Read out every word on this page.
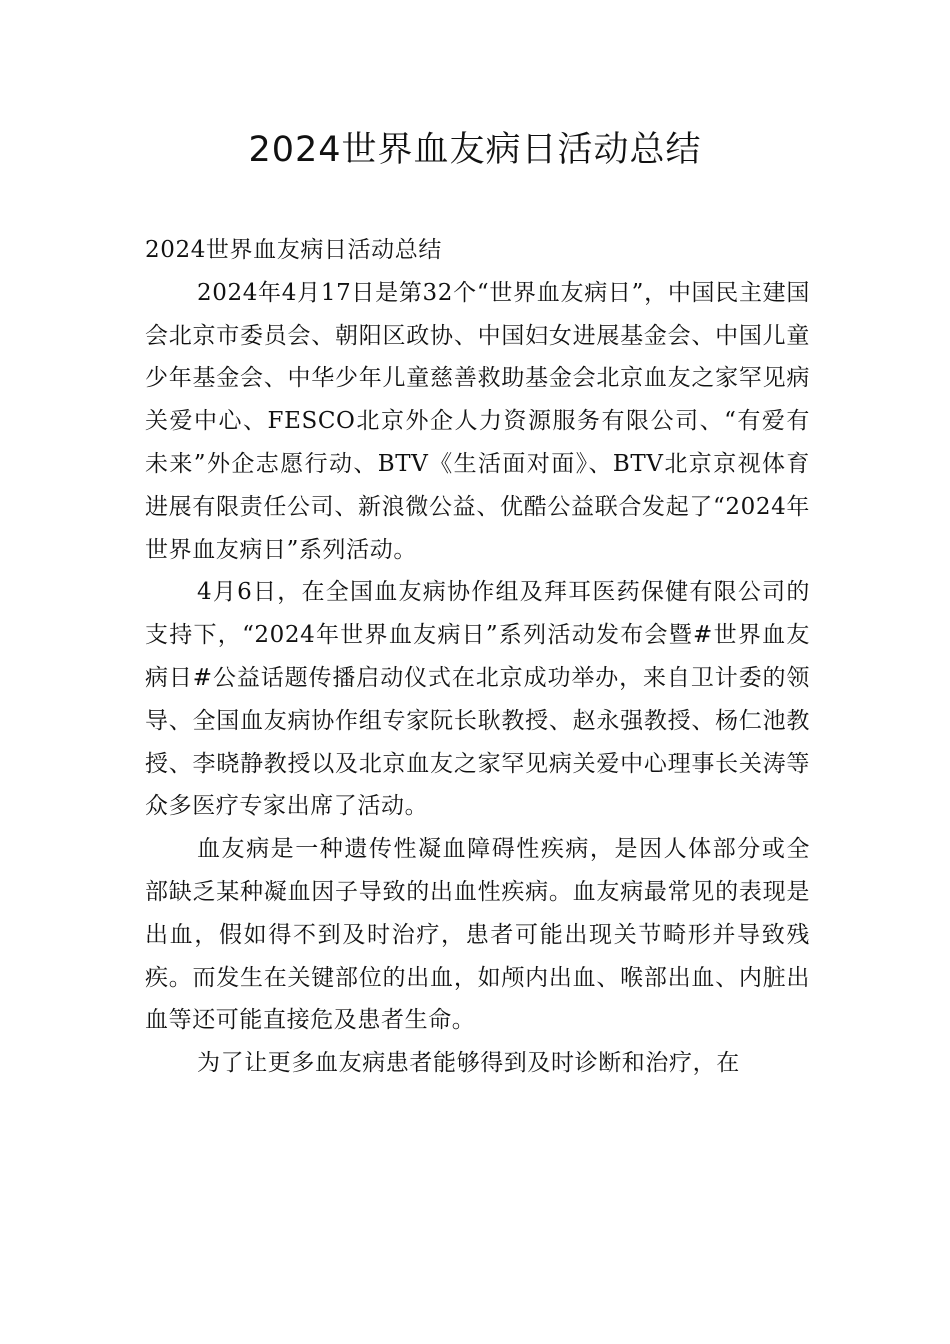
2024世界血友病日活动总结

2024世界血友病日活动总结

2024年4月17日是第32个“世界血友病日”，中国民主建国会北京市委员会、朝阳区政协、中国妇女进展基金会、中国儿童少年基金会、中华少年儿童慈善救助基金会北京血友之家罕见病关爱中心、FESCO北京外企人力资源服务有限公司、“有爱有未来”外企志愿行动、BTV《生活面对面》、BTV北京京视体育进展有限责任公司、新浪微公益、优酷公益联合发起了“2024年世界血友病日”系列活动。

4月6日，在全国血友病协作组及拜耳医药保健有限公司的支持下，“2024年世界血友病日”系列活动发布会暨#世界血友病日#公益话题传播启动仪式在北京成功举办，来自卫计委的领导、全国血友病协作组专家阮长耿教授、赵永强教授、杨仁池教授、李晓静教授以及北京血友之家罕见病关爱中心理事长关涛等众多医疗专家出席了活动。

血友病是一种遗传性凝血障碍性疾病，是因人体部分或全部缺乏某种凝血因子导致的出血性疾病。血友病最常见的表现是出血，假如得不到及时治疗，患者可能出现关节畸形并导致残疾。而发生在关键部位的出血，如颅内出血、喉部出血、内脏出血等还可能直接危及患者生命。

为了让更多血友病患者能够得到及时诊断和治疗，在
